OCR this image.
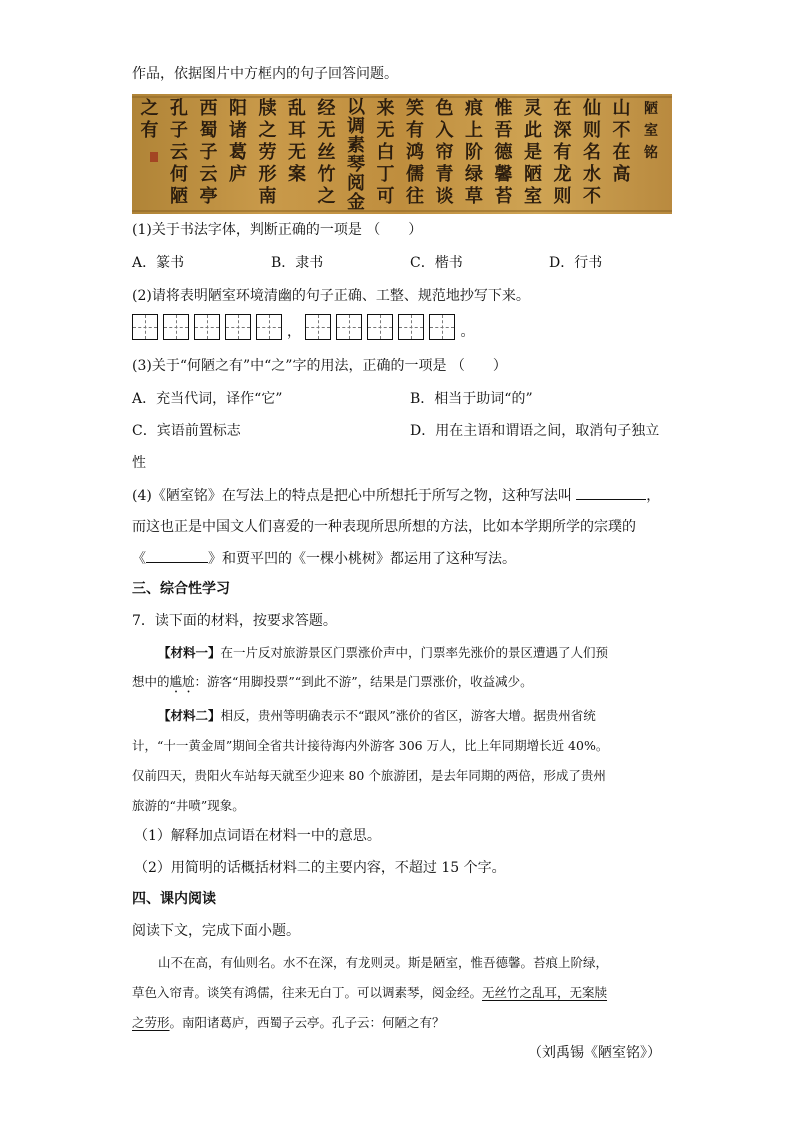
作品，依据图片中方框内的句子回答问题。
陋
室
铭
山
不
在
高
仙
则
名
水
不
在
深
有
龙
则
灵
此
是
陋
室
惟
吾
德
馨
苔
痕
上
阶
绿
草
色
入
帘
青
谈
笑
有
鸿
儒
往
来
无
白
丁
可
以
调
素
琴
阅
金
经
无
丝
竹
之
乱
耳
无
案
牍
之
劳
形
南
阳
诸
葛
庐
西
蜀
子
云
亭
孔
子
云
何
陋
之
有
(1)关于书法字体，判断正确的一项是 （　　）
A．篆书	B．隶书	C．楷书	D．行书
(2)请将表明陋室环境清幽的句子正确、工整、规范地抄写下来。
，	。
(3)关于“何陋之有”中“之”字的用法，正确的一项是 （　　）
A．充当代词，译作“它”	B．相当于助词“的”
C．宾语前置标志	D．用在主语和谓语之间，取消句子独立
性
(4)《陋室铭》在写法上的特点是把心中所想托于所写之物，这种写法叫	，
而这也正是中国文人们喜爱的一种表现所思所想的方法，比如本学期所学的宗璞的
《	》和贾平凹的《一棵小桃树》都运用了这种写法。
三、综合性学习
7．读下面的材料，按要求答题。
【材料一】在一片反对旅游景区门票涨价声中，门票率先涨价的景区遭遇了人们预
想中的尴尬：游客“用脚投票”“到此不游”，结果是门票涨价，收益减少。
【材料二】相反，贵州等明确表示不“跟风”涨价的省区，游客大增。据贵州省统
计，“十一黄金周”期间全省共计接待海内外游客 306 万人，比上年同期增长近 40%。
仅前四天，贵阳火车站每天就至少迎来 80 个旅游团，是去年同期的两倍，形成了贵州
旅游的“井喷”现象。
（1）解释加点词语在材料一中的意思。
（2）用简明的话概括材料二的主要内容，不超过 15 个字。
四、课内阅读
阅读下文，完成下面小题。
山不在高，有仙则名。水不在深，有龙则灵。斯是陋室，惟吾德馨。苔痕上阶绿，
草色入帘青。谈笑有鸿儒，往来无白丁。可以调素琴，阅金经。无丝竹之乱耳，无案牍
之劳形。南阳诸葛庐，西蜀子云亭。孔子云：何陋之有？
（刘禹锡《陋室铭》）
